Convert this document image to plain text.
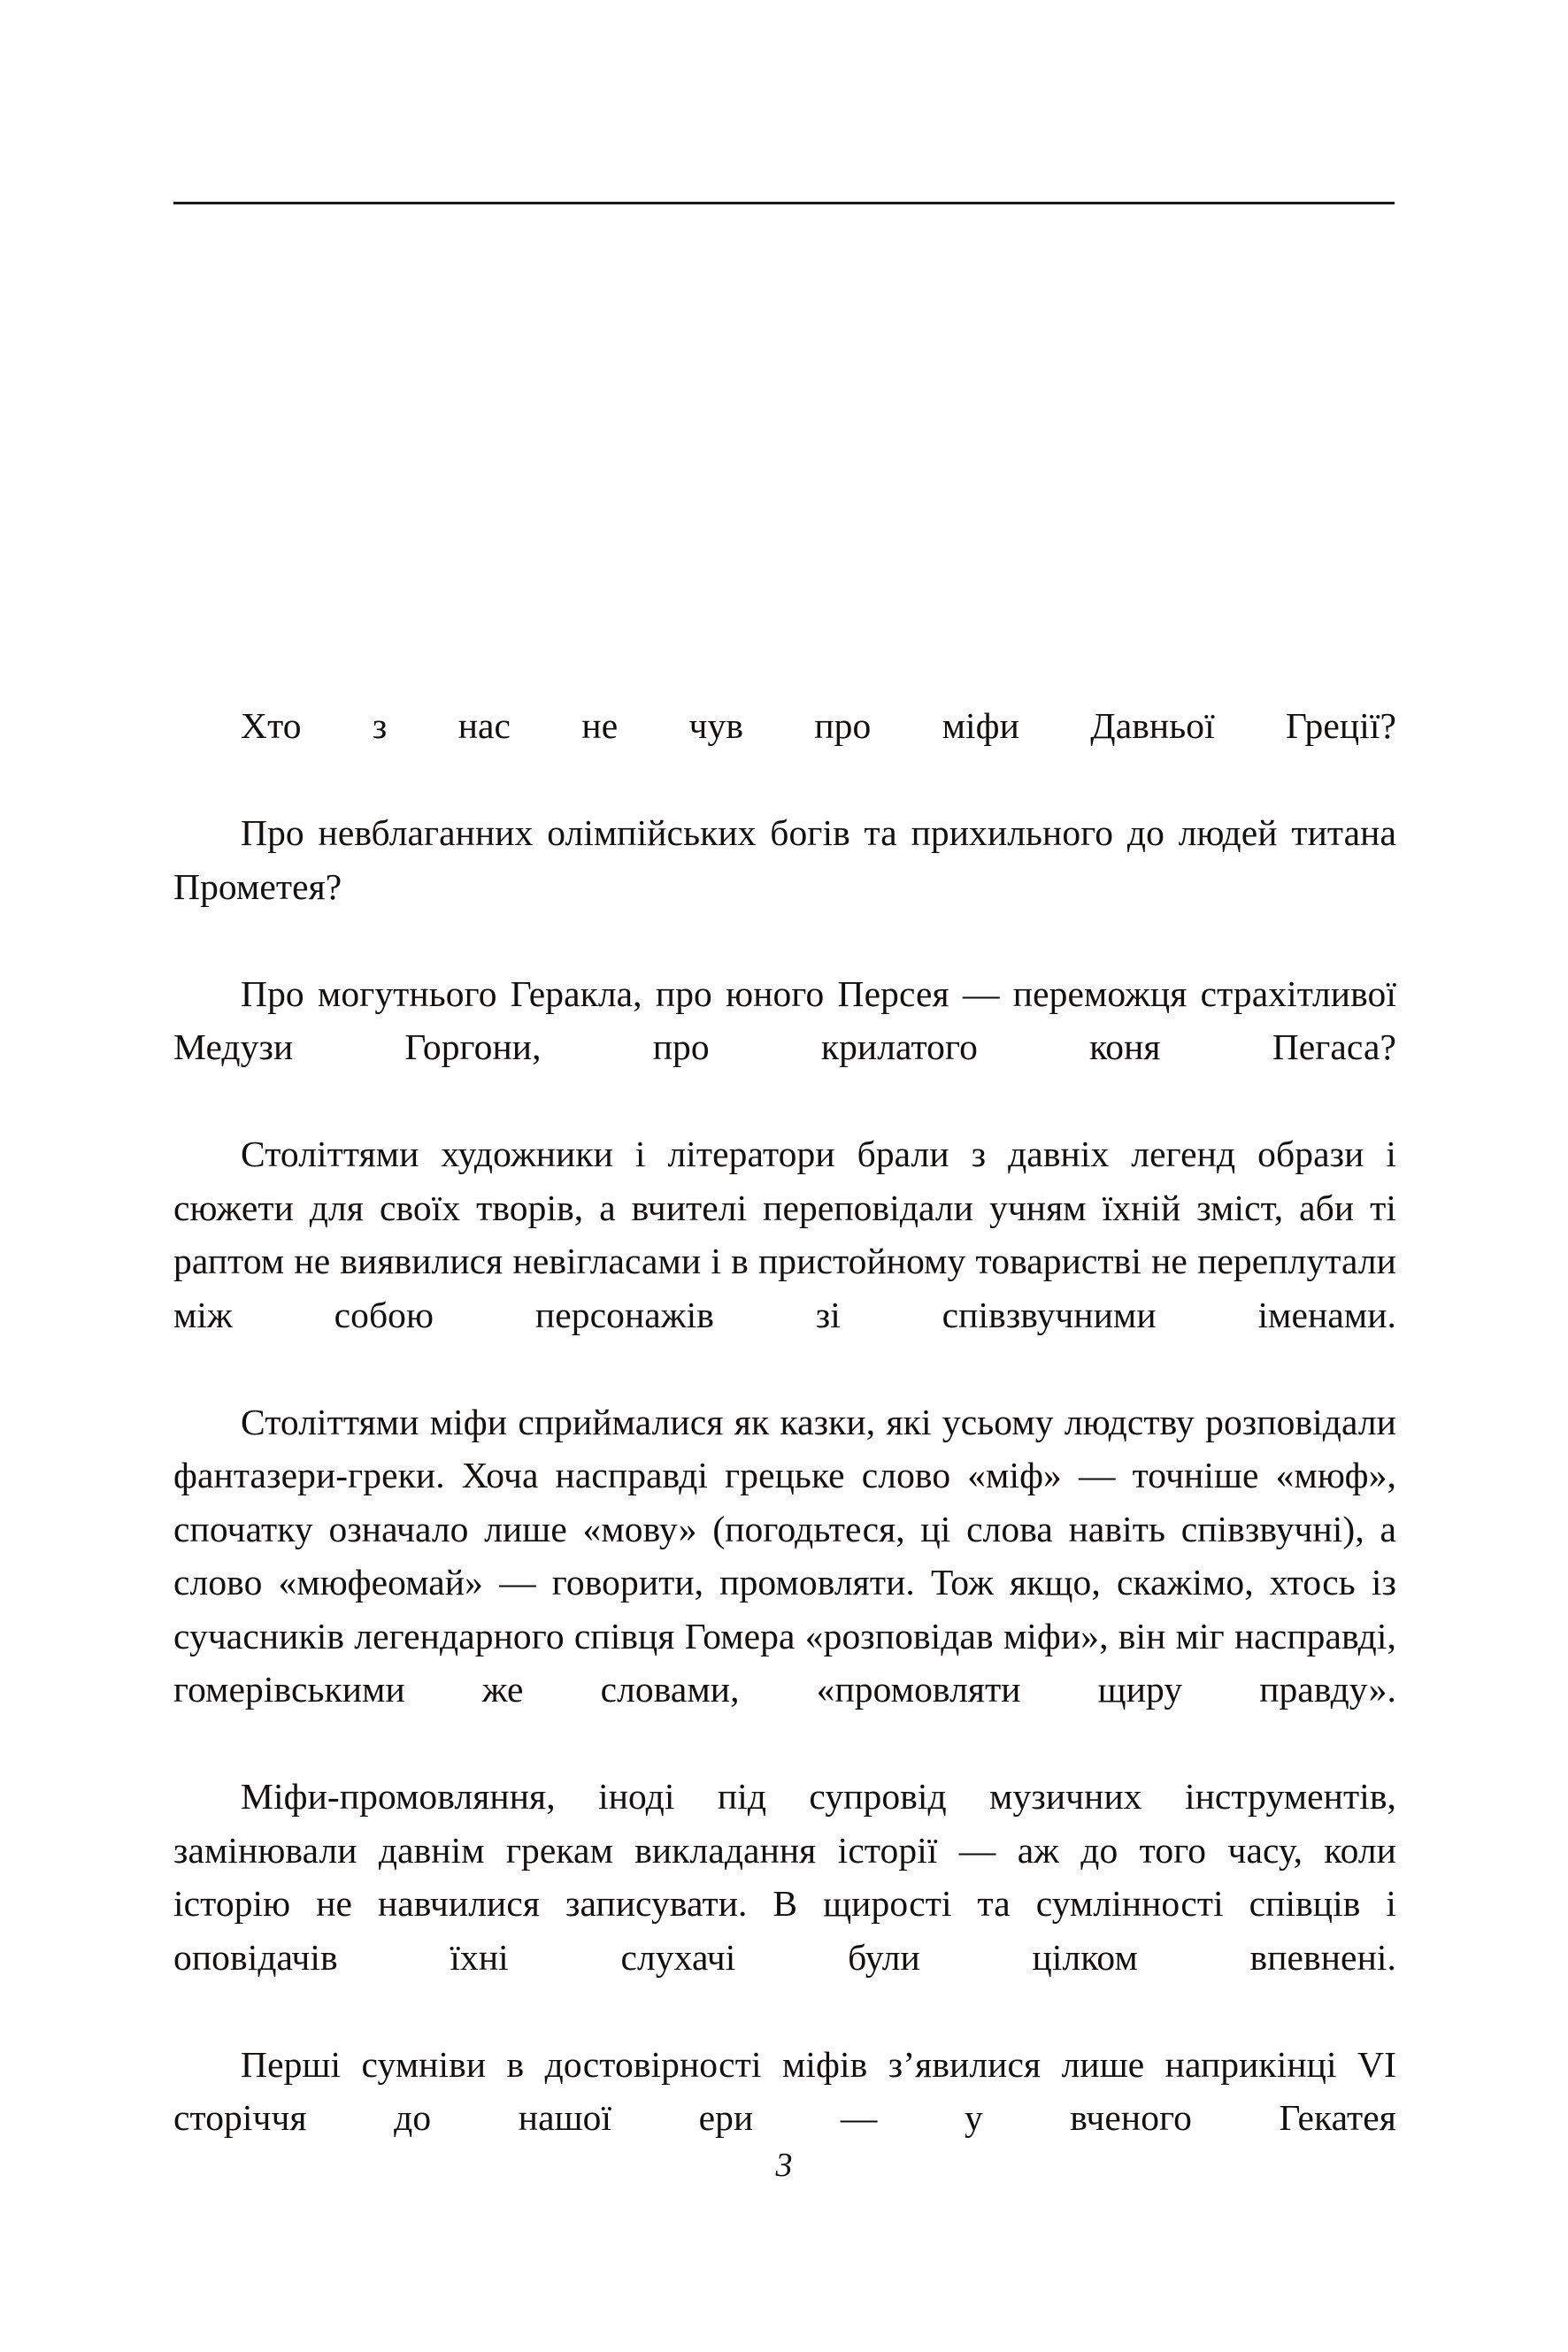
Хто з нас не чув про міфи Давньої Греції?

Про невблаганних олімпійських богів та прихильного до людей титана Прометея?

Про могутнього Геракла, про юного Персея — переможця страхітливої Медузи Горгони, про крилатого коня Пегаса?

Століттями художники і літератори брали з давніх легенд образи і сюжети для своїх творів, а вчителі переповідали учням їхній зміст, аби ті раптом не виявилися невігласами і в пристойному товаристві не переплутали між собою персонажів зі співзвучними іменами.

Століттями міфи сприймалися як казки, які усьому людству розповідали фантазери-греки. Хоча насправді грецьке слово «міф» — точніше «мюф», спочатку означало лише «мову» (погодьтеся, ці слова навіть співзвучні), а слово «мюфеомай» — говорити, промовляти. Тож якщо, скажімо, хтось із сучасників легендарного співця Гомера «розповідав міфи», він міг насправді, гомерівськими же словами, «промовляти щиру правду».

Міфи-промовляння, іноді під супровід музичних інструментів, замінювали давнім грекам викладання історії — аж до того часу, коли історію не навчилися записувати. В щирості та сумлінності співців і оповідачів їхні слухачі були цілком впевнені.

Перші сумніви в достовірності міфів з’явилися лише наприкінці VI сторіччя до нашої ери — у вченого Гекатея

3
